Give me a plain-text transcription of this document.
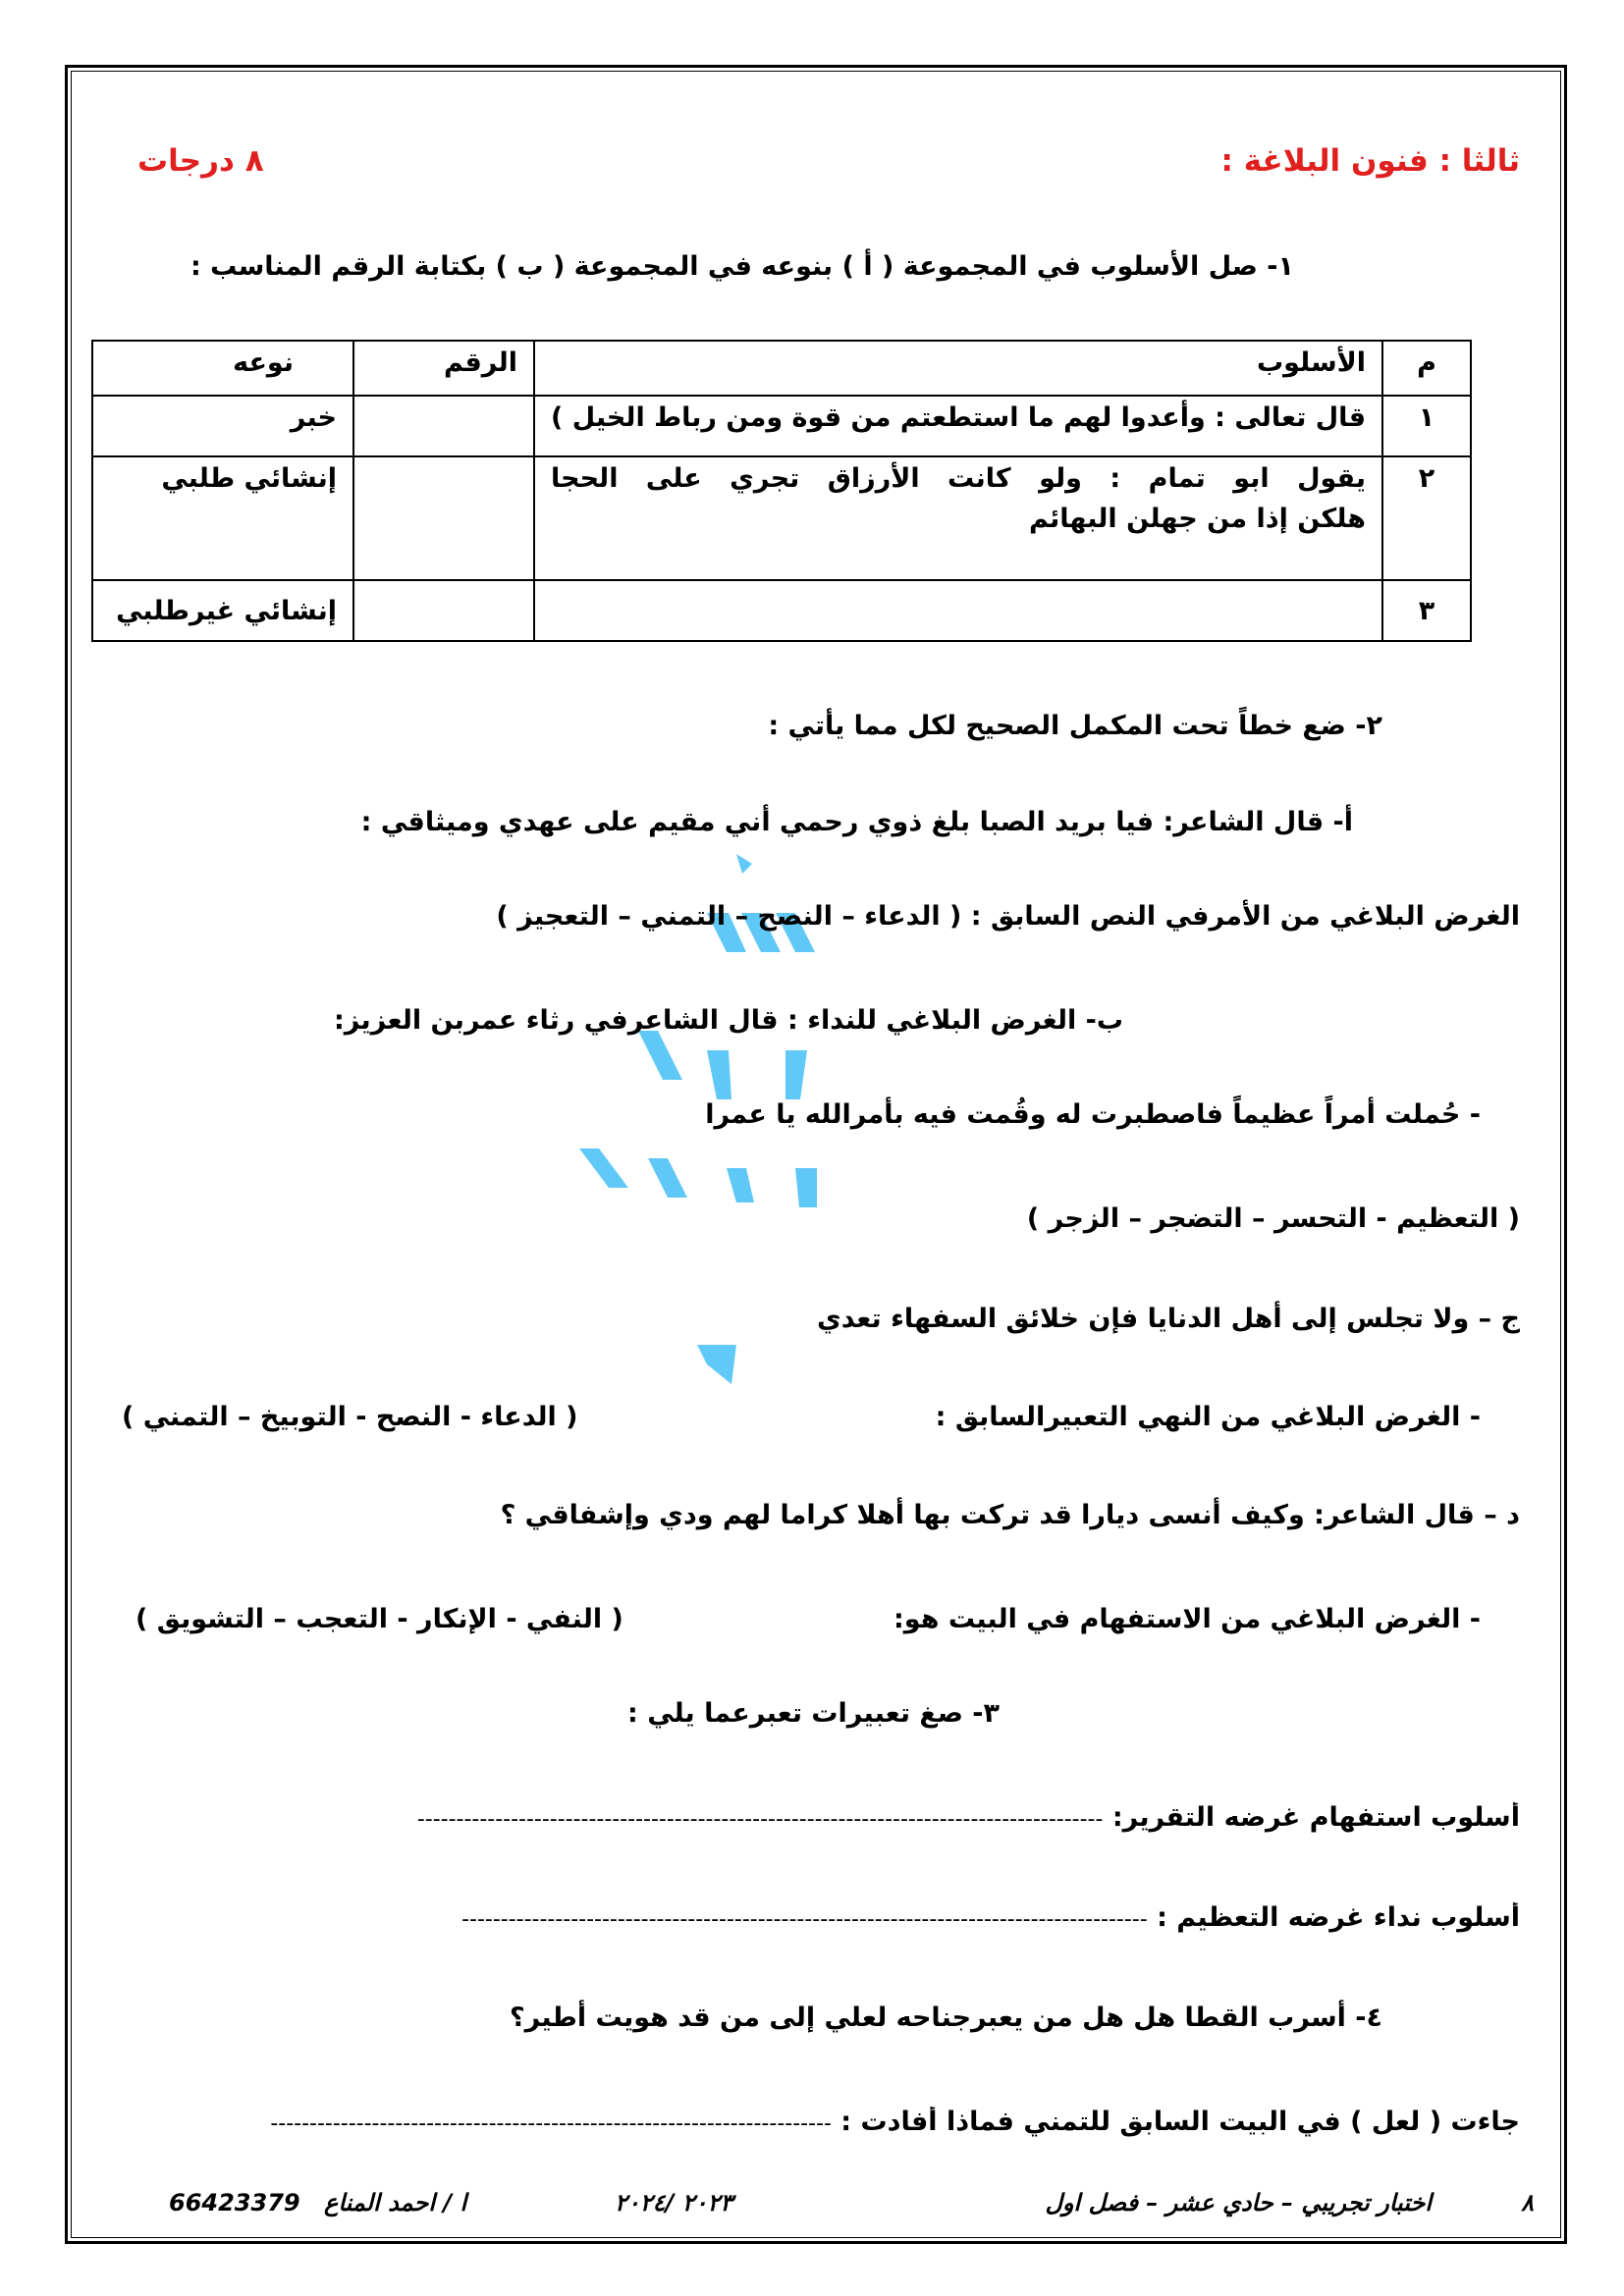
ثالثا : فنون البلاغة :
٨ درجات
١- صل الأسلوب في المجموعة ( أ ) بنوعه في المجموعة ( ب ) بكتابة الرقم المناسب :
م	الأسلوب	الرقم	نوعه
١	قال تعالى : وأعدوا لهم ما استطعتم من قوة ومن رباط الخيل )		خبر
٢	يقول ابو تمام : ولو كانت الأرزاق تجري على الحجا
هلكن إذا من جهلن البهائم		إنشائي طلبي
٣			إنشائي غيرطلبي
٢- ضع خطاً تحت المكمل الصحيح لكل مما يأتي :
أ- قال الشاعر: فيا بريد الصبا بلغ ذوي رحمي أني مقيم على عهدي وميثاقي :
الغرض البلاغي من الأمرفي النص السابق : ( الدعاء – النصح – التمني – التعجيز )
ب- الغرض البلاغي للنداء : قال الشاعرفي رثاء عمربن العزيز:
- حُملت أمراً عظيماً فاصطبرت له وقُمت فيه بأمرالله يا عمرا
( التعظيم - التحسر – التضجر – الزجر )
ج – ولا تجلس إلى أهل الدنايا فإن خلائق السفهاء تعدي
- الغرض البلاغي من النهي التعبيرالسابق :
( الدعاء - النصح - التوبيخ – التمني )
د – قال الشاعر: وكيف أنسى ديارا قد تركت بها أهلا كراما لهم ودي وإشفاقي ؟
- الغرض البلاغي من الاستفهام في البيت هو:
( النفي - الإنكار - التعجب – التشويق )
٣- صغ تعبيرات تعبرعما يلي :
أسلوب استفهام غرضه التقرير: ----------------------------------------------------------------------------------------
أسلوب نداء غرضه التعظيم : ----------------------------------------------------------------------------------------
٤- أسرب القطا هل هل من يعبرجناحه لعلي إلى من قد هويت أطير؟
جاءت ( لعل ) في البيت السابق للتمني فماذا أفادت : ------------------------------------------------------------------------
٨
اختبار تجريبي – حادي عشر – فصل اول
٢٠٢٣ /٢٠٢٤
ا / احمد المناع
66423379
